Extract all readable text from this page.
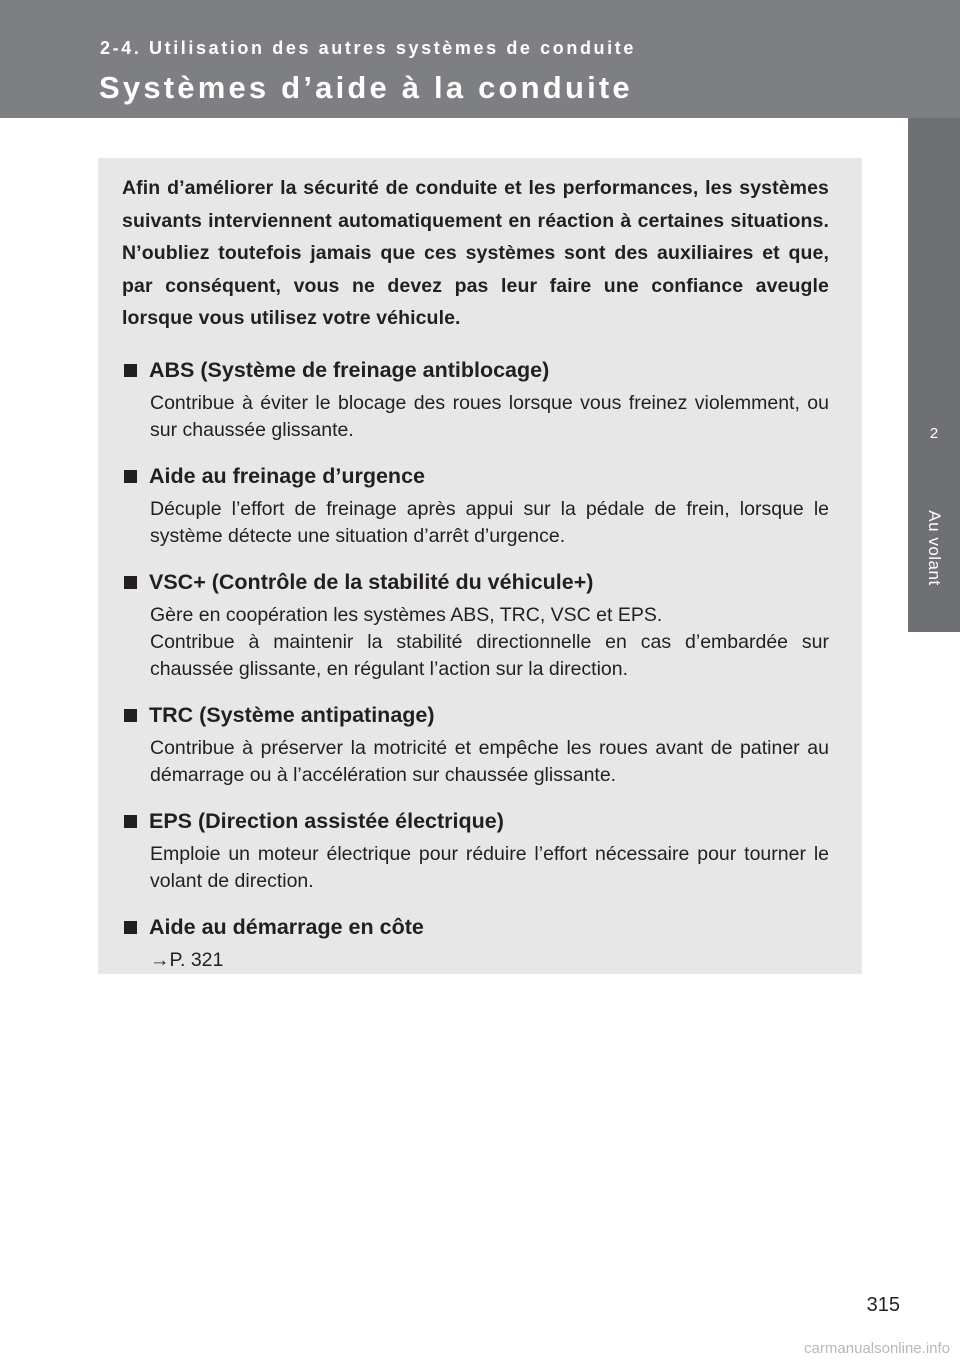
2-4. Utilisation des autres systèmes de conduite
Systèmes d’aide à la conduite
2
Au volant

Afin d’améliorer la sécurité de conduite et les performances, les systèmes suivants interviennent automatiquement en réaction à certaines situations. N’oubliez toutefois jamais que ces systèmes sont des auxiliaires et que, par conséquent, vous ne devez pas leur faire une confiance aveugle lorsque vous utilisez votre véhicule.

ABS (Système de freinage antiblocage)

Contribue à éviter le blocage des roues lorsque vous freinez violemment, ou sur chaussée glissante.

Aide au freinage d’urgence

Décuple l’effort de freinage après appui sur la pédale de frein, lorsque le système détecte une situation d’arrêt d’urgence.

VSC+ (Contrôle de la stabilité du véhicule+)

Gère en coopération les systèmes ABS, TRC, VSC et EPS.

Contribue à maintenir la stabilité directionnelle en cas d’embardée sur chaussée glissante, en régulant l’action sur la direction.

TRC (Système antipatinage)

Contribue à préserver la motricité et empêche les roues avant de patiner au démarrage ou à l’accélération sur chaussée glissante.

EPS (Direction assistée électrique)

Emploie un moteur électrique pour réduire l’effort nécessaire pour tourner le volant de direction.

Aide au démarrage en côte

→P. 321

315
carmanualsonline.info
